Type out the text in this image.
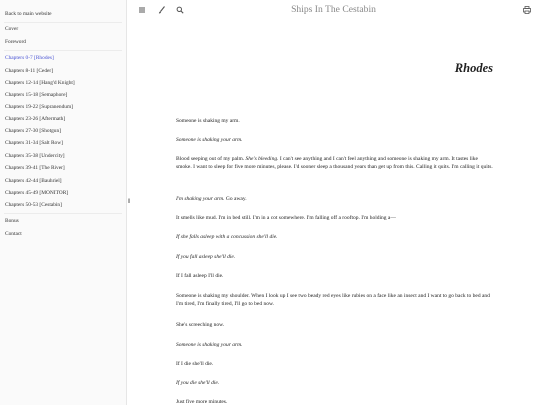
Back to main website
Cover
Foreword
Chapters 0-7 [Rhodes]
Chapters 8-11 [Ceder]
Chapters 12-14 [Hang'd Knight]
Chapters 15-18 [Semaphore]
Chapters 19-22 [Supranendum]
Chapters 23-26 [Aftermath]
Chapters 27-30 [Shotgun]
Chapters 31-34 [Salt Row]
Chapters 35-38 [Undercity]
Chapters 39-41 [The River]
Chapters 42-44 [Bauhriel]
Chapters 45-49 [MONITOR]
Chapters 50-53 [Cestabin]
Bonus
Contact
Ships In The Cestabin
‖
Rhodes

Someone is shaking my arm.

Someone is shaking your arm.

Blood seeping out of my palm. She's bleeding. I can't see anything and I can't feel anything and someone is shaking my arm. It tastes like smoke. I want to sleep for five more minutes, please. I'd sooner sleep a thousand years than get up from this. Calling it quits. I'm calling it quits.

I'm shaking your arm. Go away.

It smells like mud. I'm in bed still. I'm in a cot somewhere. I'm falling off a rooftop. I'm holding a—

If she falls asleep with a concussion she'll die.

If you fall asleep she'll die.

If I fall asleep I'll die.

Someone is shaking my shoulder. When I look up I see two beady red eyes like rubies on a face like an insect and I want to go back to bed and I'm tired, I'm finally tired, I'll go to bed now.

She's screeching now.

Someone is shaking your arm.

If I die she'll die.

If you die she'll die.

Just five more minutes.
